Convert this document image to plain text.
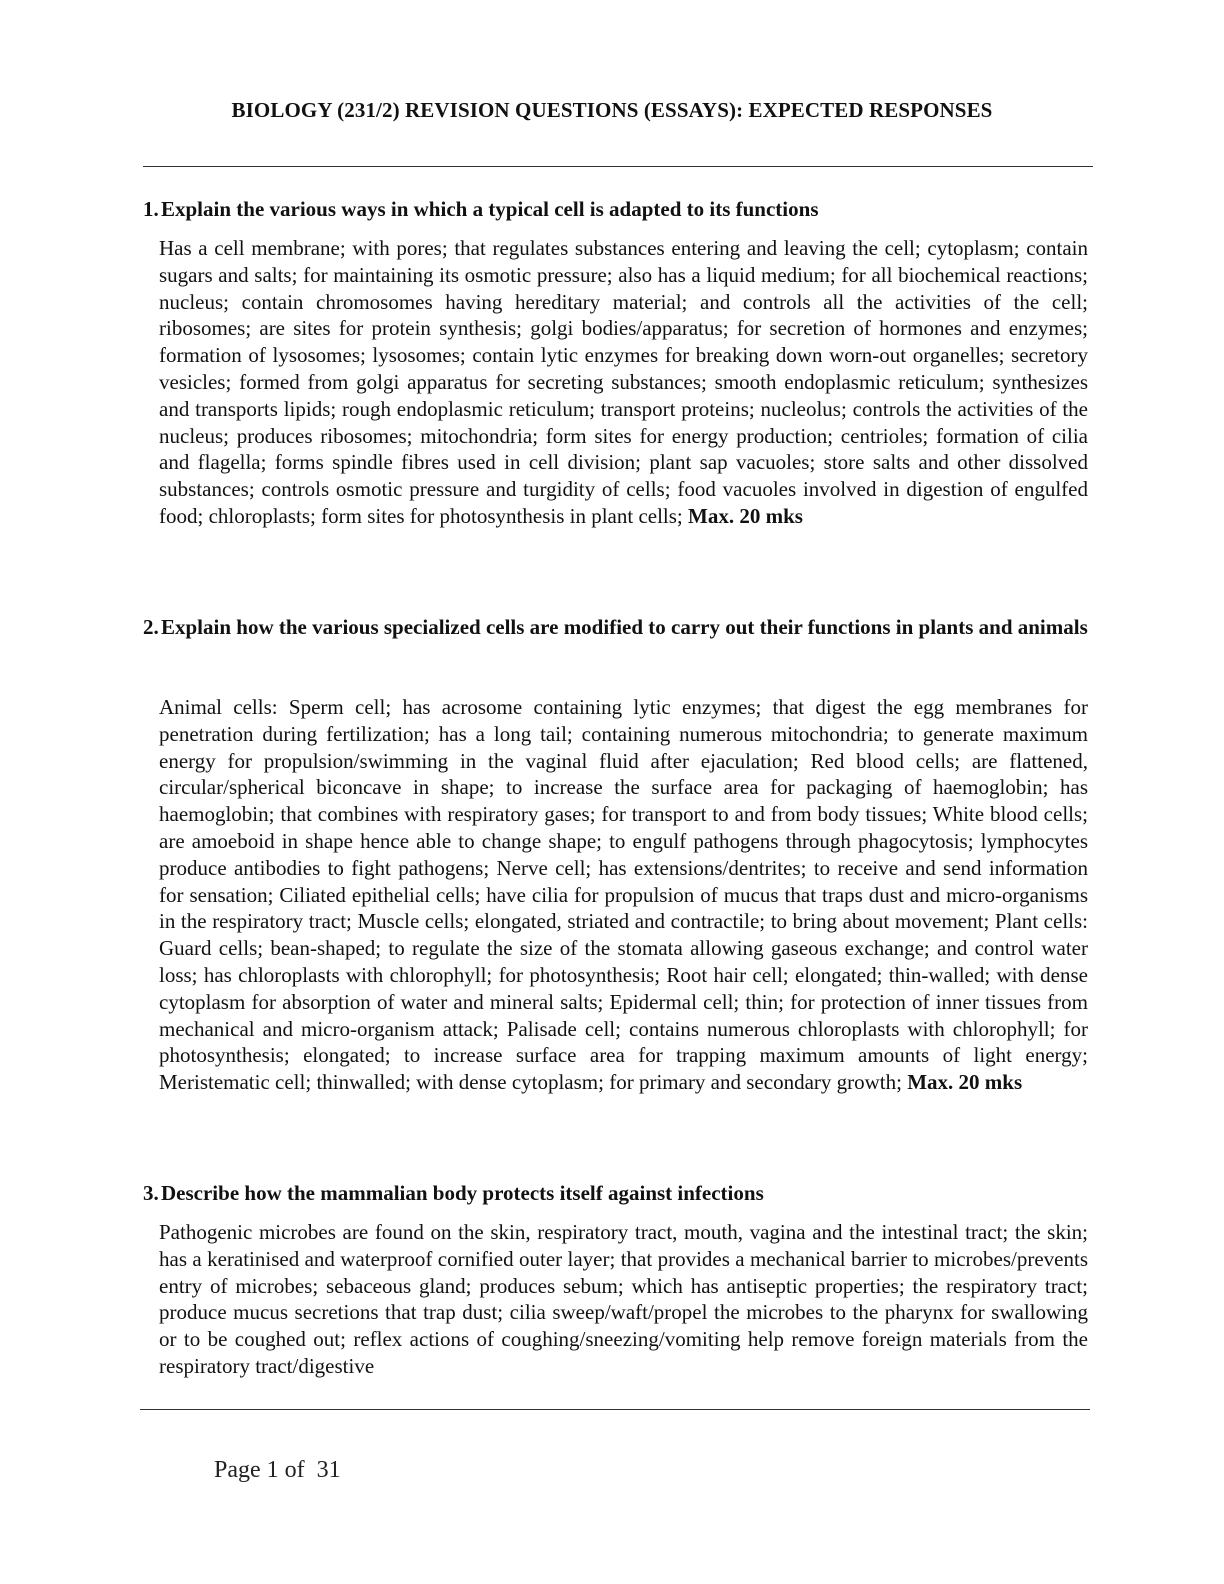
BIOLOGY (231/2) REVISION QUESTIONS (ESSAYS): EXPECTED RESPONSES
1. Explain the various ways in which a typical cell is adapted to its functions

Has a cell membrane; with pores; that regulates substances entering and leaving the cell; cytoplasm; contain sugars and salts; for maintaining its osmotic pressure; also has a liquid medium; for all biochemical reactions; nucleus; contain chromosomes having hereditary material; and controls all the activities of the cell; ribosomes; are sites for protein synthesis; golgi bodies/apparatus; for secretion of hormones and enzymes; formation of lysosomes; lysosomes; contain lytic enzymes for breaking down worn-out organelles; secretory vesicles; formed from golgi apparatus for secreting substances; smooth endoplasmic reticulum; synthesizes and transports lipids; rough endoplasmic reticulum; transport proteins; nucleolus; controls the activities of the nucleus; produces ribosomes; mitochondria; form sites for energy production; centrioles; formation of cilia and flagella; forms spindle fibres used in cell division; plant sap vacuoles; store salts and other dissolved substances; controls osmotic pressure and turgidity of cells; food vacuoles involved in digestion of engulfed food; chloroplasts; form sites for photosynthesis in plant cells; Max. 20 mks

2. Explain how the various specialized cells are modified to carry out their functions in plants and animals

Animal cells: Sperm cell; has acrosome containing lytic enzymes; that digest the egg membranes for penetration during fertilization; has a long tail; containing numerous mitochondria; to generate maximum energy for propulsion/swimming in the vaginal fluid after ejaculation; Red blood cells; are flattened, circular/spherical biconcave in shape; to increase the surface area for packaging of haemoglobin; has haemoglobin; that combines with respiratory gases; for transport to and from body tissues; White blood cells; are amoeboid in shape hence able to change shape; to engulf pathogens through phagocytosis; lymphocytes produce antibodies to fight pathogens; Nerve cell; has extensions/dentrites; to receive and send information for sensation; Ciliated epithelial cells; have cilia for propulsion of mucus that traps dust and micro-organisms in the respiratory tract; Muscle cells; elongated, striated and contractile; to bring about movement; Plant cells: Guard cells; bean-shaped; to regulate the size of the stomata allowing gaseous exchange; and control water loss; has chloroplasts with chlorophyll; for photosynthesis; Root hair cell; elongated; thin-walled; with dense cytoplasm for absorption of water and mineral salts; Epidermal cell; thin; for protection of inner tissues from mechanical and micro-organism attack; Palisade cell; contains numerous chloroplasts with chlorophyll; for photosynthesis; elongated; to increase surface area for trapping maximum amounts of light energy; Meristematic cell; thinwalled; with dense cytoplasm; for primary and secondary growth; Max. 20 mks

3. Describe how the mammalian body protects itself against infections

Pathogenic microbes are found on the skin, respiratory tract, mouth, vagina and the intestinal tract; the skin; has a keratinised and waterproof cornified outer layer; that provides a mechanical barrier to microbes/prevents entry of microbes; sebaceous gland; produces sebum; which has antiseptic properties; the respiratory tract; produce mucus secretions that trap dust; cilia sweep/waft/propel the microbes to the pharynx for swallowing or to be coughed out; reflex actions of coughing/sneezing/vomiting help remove foreign materials from the respiratory tract/digestive

Page 1 of  31
